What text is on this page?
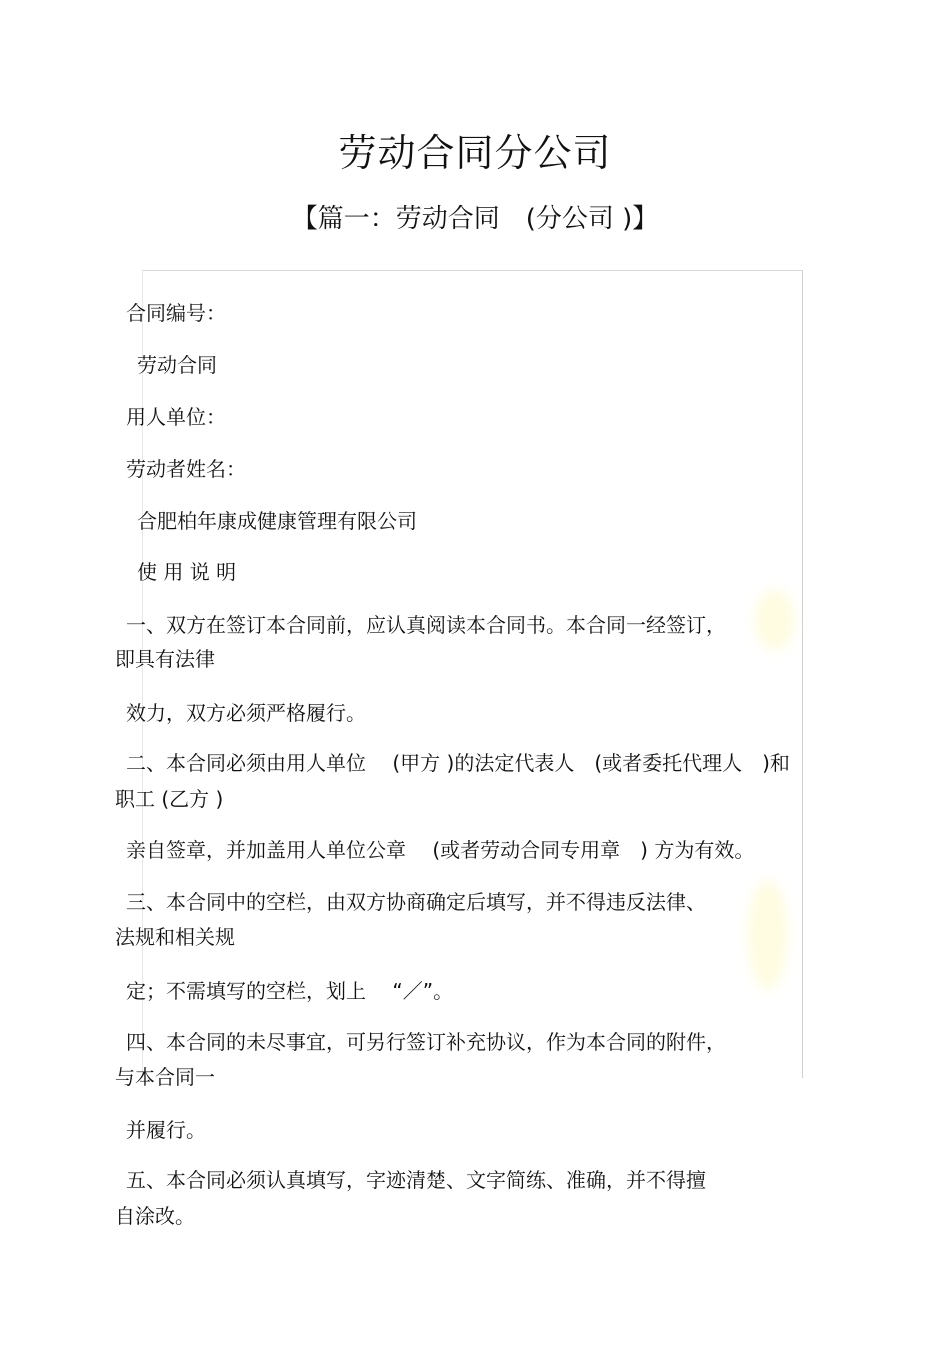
劳动合同分公司
【篇一：劳动合同　(分公司 )】
合同编号：
劳动合同
用人单位：
劳动者姓名：
合肥柏年康成健康管理有限公司
使 用 说 明
一、双方在签订本合同前，应认真阅读本合同书。本合同一经签订，
即具有法律
效力，双方必须严格履行。
二、本合同必须由用人单位　 (甲方 )的法定代表人　(或者委托代理人　)和
职工 (乙方 )
亲自签章，并加盖用人单位公章　 (或者劳动合同专用章　) 方为有效。
三、本合同中的空栏，由双方协商确定后填写，并不得违反法律、
法规和相关规
定；不需填写的空栏，划上　 “／”。
四、本合同的未尽事宜，可另行签订补充协议，作为本合同的附件，
与本合同一
并履行。
五、本合同必须认真填写，字迹清楚、文字简练、准确，并不得擅
自涂改。
